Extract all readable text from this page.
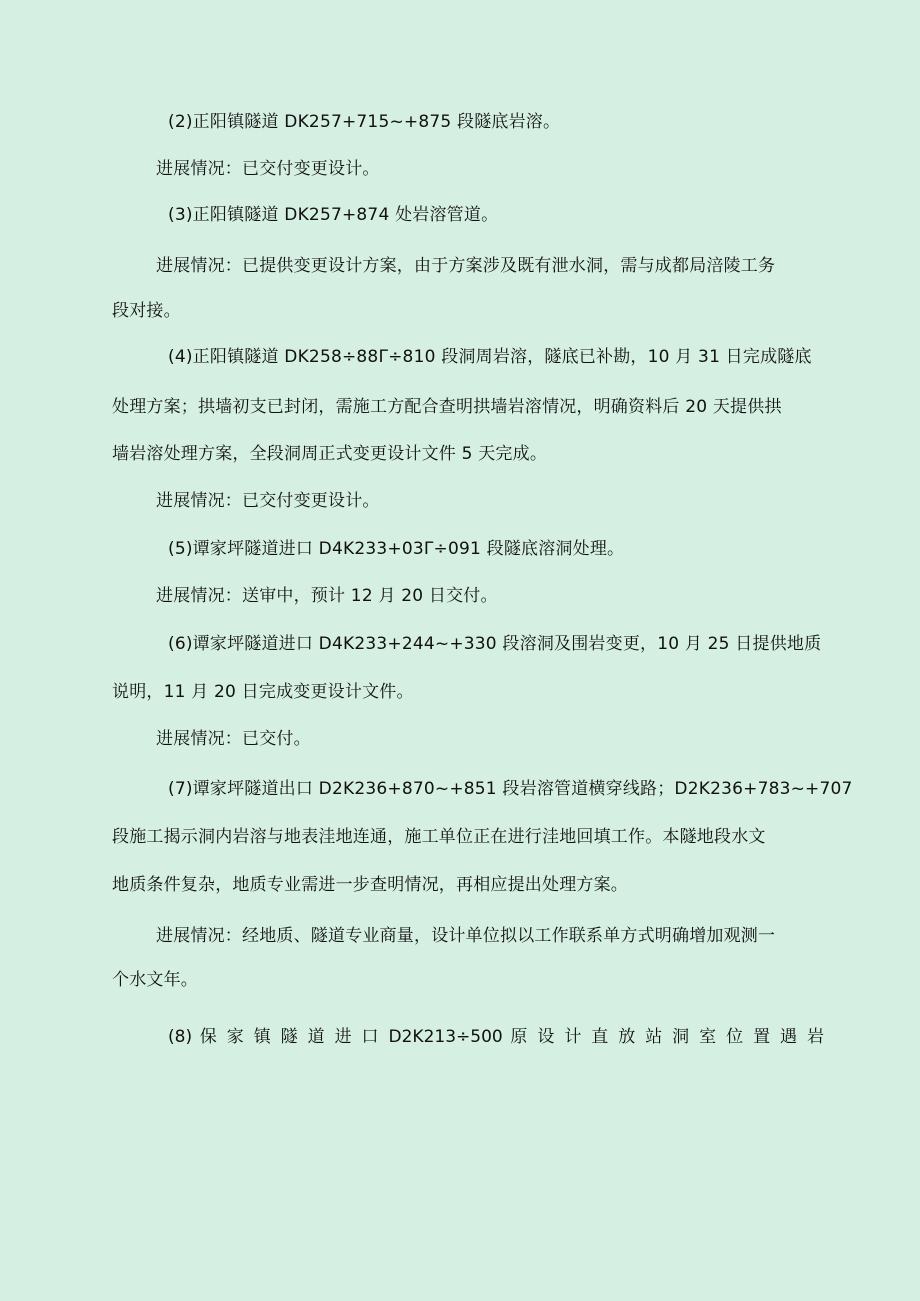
(2)正阳镇隧道 DK257+715~+875 段隧底岩溶。
进展情况：已交付变更设计。
(3)正阳镇隧道 DK257+874 处岩溶管道。
进展情况：已提供变更设计方案，由于方案涉及既有泄水洞，需与成都局涪陵工务
段对接。
(4)正阳镇隧道 DK258÷88Γ÷810 段洞周岩溶，隧底已补勘，10 月 31 日完成隧底
处理方案；拱墙初支已封闭，需施工方配合查明拱墙岩溶情况，明确资料后 20 天提供拱
墙岩溶处理方案，全段洞周正式变更设计文件 5 天完成。
进展情况：已交付变更设计。
(5)谭家坪隧道进口 D4K233+03Γ÷091 段隧底溶洞处理。
进展情况：送审中，预计 12 月 20 日交付。
(6)谭家坪隧道进口 D4K233+244~+330 段溶洞及围岩变更，10 月 25 日提供地质
说明，11 月 20 日完成变更设计文件。
进展情况：已交付。
(7)谭家坪隧道出口 D2K236+870~+851 段岩溶管道横穿线路；D2K236+783~+707
段施工揭示洞内岩溶与地表洼地连通，施工单位正在进行洼地回填工作。本隧地段水文
地质条件复杂，地质专业需进一步查明情况，再相应提出处理方案。
进展情况：经地质、隧道专业商量，设计单位拟以工作联系单方式明确增加观测一
个水文年。
(8) 保 家 镇 隧 道 进 口 D2K213÷500 原 设 计 直 放 站 洞 室 位 置 遇 岩
